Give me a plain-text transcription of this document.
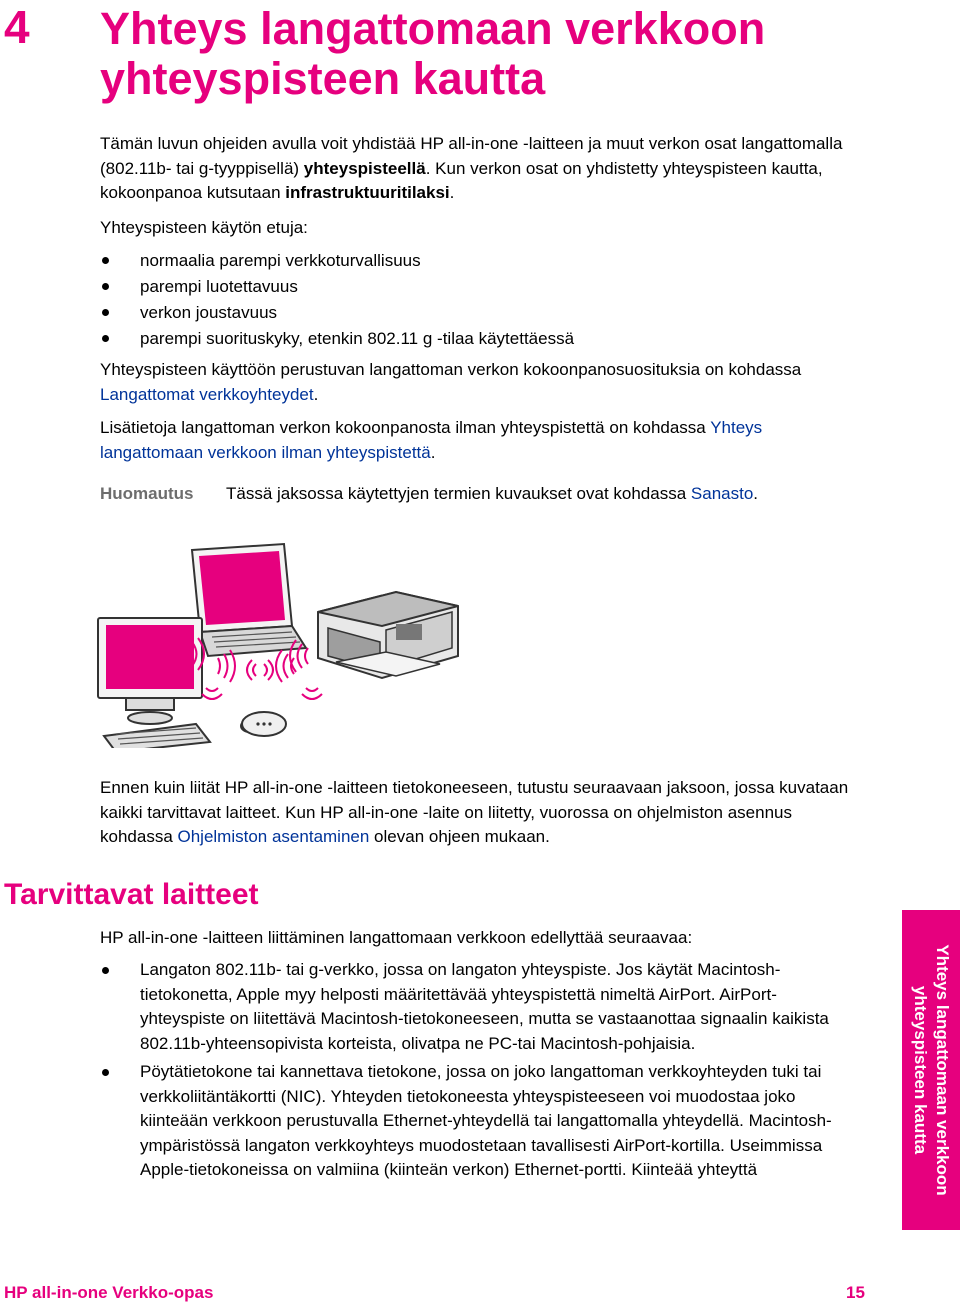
4 Yhteys langattomaan verkkoon
yhteyspisteen kautta
Tämän luvun ohjeiden avulla voit yhdistää HP all-in-one -laitteen ja muut verkon osat langattomalla (802.11b- tai g-tyyppisellä) yhteyspisteellä. Kun verkon osat on yhdistetty yhteyspisteen kautta, kokoonpanoa kutsutaan infrastruktuuritilaksi.
Yhteyspisteen käytön etuja:
normaalia parempi verkkoturvallisuus
parempi luotettavuus
verkon joustavuus
parempi suorituskyky, etenkin 802.11 g -tilaa käytettäessä
Yhteyspisteen käyttöön perustuvan langattoman verkon kokoonpanosuosituksia on kohdassa Langattomat verkkoyhteydet.
Lisätietoja langattoman verkon kokoonpanosta ilman yhteyspistettä on kohdassa Yhteys langattomaan verkkoon ilman yhteyspistettä.
Huomautus Tässä jaksossa käytettyjen termien kuvaukset ovat kohdassa Sanasto.
Ennen kuin liität HP all-in-one -laitteen tietokoneeseen, tutustu seuraavaan jaksoon, jossa kuvataan kaikki tarvittavat laitteet. Kun HP all-in-one -laite on liitetty, vuorossa on ohjelmiston asennus kohdassa Ohjelmiston asentaminen olevan ohjeen mukaan.
Tarvittavat laitteet
HP all-in-one -laitteen liittäminen langattomaan verkkoon edellyttää seuraavaa:
Langaton 802.11b- tai g-verkko, jossa on langaton yhteyspiste. Jos käytät Macintosh-tietokonetta, Apple myy helposti määritettävää yhteyspistettä nimeltä AirPort. AirPort-yhteyspiste on liitettävä Macintosh-tietokoneeseen, mutta se vastaanottaa signaalin kaikista 802.11b-yhteensopivista korteista, olivatpa ne PC-tai Macintosh-pohjaisia.
Pöytätietokone tai kannettava tietokone, jossa on joko langattoman verkkoyhteyden tuki tai verkkoliitäntäkortti (NIC). Yhteyden tietokoneesta yhteyspisteeseen voi muodostaa joko kiinteään verkkoon perustuvalla Ethernet-yhteydellä tai langattomalla yhteydellä. Macintosh-ympäristössä langaton verkkoyhteys muodostetaan tavallisesti AirPort-kortilla. Useimmissa Apple-tietokoneissa on valmiina (kiinteän verkon) Ethernet-portti. Kiinteää yhteyttä	Yhteys langattomaan verkkoon
yhteyspisteen kautta
HP all-in-one Verkko-opas	15
